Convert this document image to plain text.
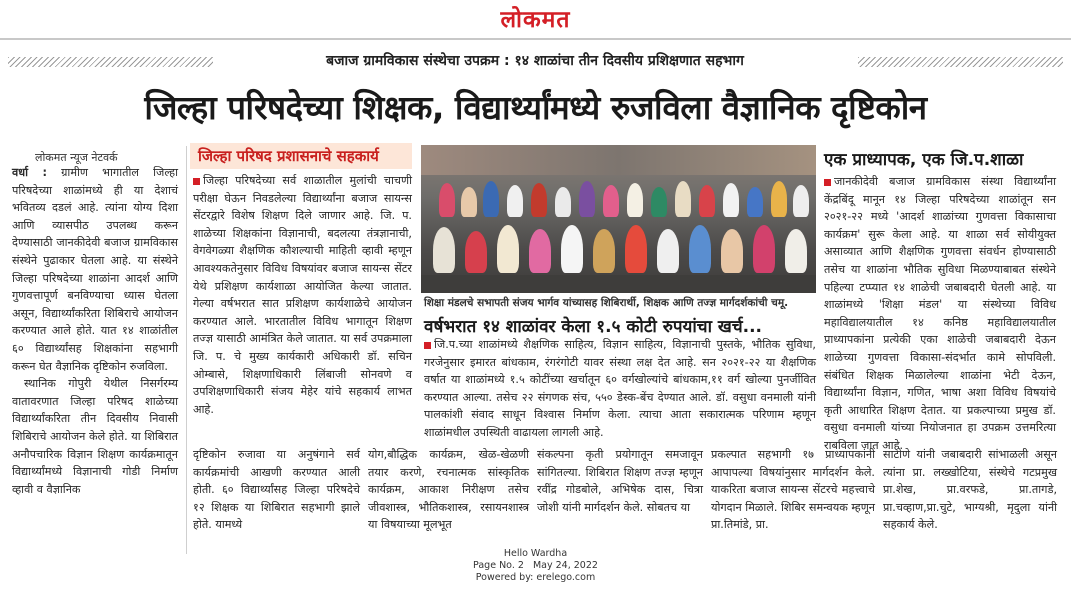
लोकमत
बजाज ग्रामविकास संस्थेचा उपक्रम : १४ शाळांचा तीन दिवसीय प्रशिक्षणात सहभाग
जिल्हा परिषदेच्या शिक्षक, विद्यार्थ्यांमध्ये रुजविला वैज्ञानिक दृष्टिकोन
लोकमत न्यूज नेटवर्क
वर्धा : ग्रामीण भागातील जिल्हा परिषदेच्या शाळांमध्ये ही या देशाचं भवितव्य दडलं आहे. त्यांना योग्य दिशा आणि व्यासपीठ उपलब्ध करून देण्यासाठी जानकीदेवी बजाज ग्रामविकास संस्थेने पुढाकार घेतला आहे. या संस्थेने जिल्हा परिषदेच्या शाळांना आदर्श आणि गुणवत्तापूर्ण बनविण्याचा ध्यास घेतला असून, विद्यार्थ्यांकरिता शिबिराचे आयोजन करण्यात आले होते. यात १४ शाळांतील ६० विद्यार्थ्यांसह शिक्षकांना सहभागी करून घेत वैज्ञानिक दृष्टिकोन रुजविला.
स्थानिक गोपुरी येथील निसर्गरम्य वातावरणात जिल्हा परिषद शाळेच्या विद्यार्थ्यांकरिता तीन दिवसीय निवासी शिबिराचे आयोजन केले होते. या शिबिरात अनौपचारिक विज्ञान शिक्षण कार्यक्रमातून विद्यार्थ्यांमध्ये विज्ञानाची गोडी निर्माण व्हावी व वैज्ञानिक
जिल्हा परिषद प्रशासनाचे सहकार्य
जिल्हा परिषदेच्या सर्व शाळातील मुलांची चाचणी परीक्षा घेऊन निवडलेल्या विद्यार्थ्यांना बजाज सायन्स सेंटरद्वारे विशेष शिक्षण दिले जाणार आहे. जि. प. शाळेच्या शिक्षकांना विज्ञानाची, बदलत्या तंत्रज्ञानाची, वेगवेगळ्या शैक्षणिक कौशल्याची माहिती व्हावी म्हणून आवश्यकतेनुसार विविध विषयांवर बजाज सायन्स सेंटर येथे प्रशिक्षण कार्यशाळा आयोजित केल्या जातात. गेल्या वर्षभरात सात प्रशिक्षण कार्यशाळेचे आयोजन करण्यात आले. भारतातील विविध भागातून शिक्षण तज्ज्ञ यासाठी आमंत्रित केले जातात. या सर्व उपक्रमाला जि. प. चे मुख्य कार्यकारी अधिकारी डॉ. सचिन ओम्बासे, शिक्षणाधिकारी लिंबाजी सोनवणे व उपशिक्षणाधिकारी संजय मेहेर यांचे सहकार्य लाभत आहे.
शिक्षा मंडलचे सभापती संजय भार्गव यांच्यासह शिबिरार्थी, शिक्षक आणि तज्ज्ञ मार्गदर्शकांची चमू.
वर्षभरात १४ शाळांवर केला १.५ कोटी रुपयांचा खर्च...
जि.प.च्या शाळांमध्ये शैक्षणिक साहित्य, विज्ञान साहित्य, विज्ञानाची पुस्तके, भौतिक सुविधा, गरजेनुसार इमारत बांधकाम, रंगरंगोटी यावर संस्था लक्ष देत आहे. सन २०२१-२२ या शैक्षणिक वर्षात या शाळांमध्ये १.५ कोटींच्या खर्चातून ६० वर्गखोल्यांचे बांधकाम,११ वर्ग खोल्या पुनर्जीवित करण्यात आल्या. तसेच २२ संगणक संच, ५५० डेस्क-बेंच देण्यात आले. डॉ. वसुधा वनमाली यांनी पालकांशी संवाद साधून विश्वास निर्माण केला. त्याचा आता सकारात्मक परिणाम म्हणून शाळांमधील उपस्थिती वाढायला लागली आहे.
एक प्राध्यापक, एक जि.प.शाळा
जानकीदेवी बजाज ग्रामविकास संस्था विद्यार्थ्यांना केंद्रबिंदू मानून १४ जिल्हा परिषदेच्या शाळांतून सन २०२१-२२ मध्ये 'आदर्श शाळांच्या गुणवत्ता विकासाचा कार्यक्रम' सुरू केला आहे. या शाळा सर्व सोयीयुक्त असाव्यात आणि शैक्षणिक गुणवत्ता संवर्धन होण्यासाठी तसेच या शाळांना भौतिक सुविधा मिळण्याबाबत संस्थेने पहिल्या टप्प्यात १४ शाळेची जबाबदारी घेतली आहे. या शाळांमध्ये 'शिक्षा मंडल' या संस्थेच्या विविध महाविद्यालयातील १४ कनिष्ठ महाविद्यालयातील प्राध्यापकांना प्रत्येकी एका शाळेची जबाबदारी देऊन शाळेच्या गुणवत्ता विकासा-संदर्भात कामे सोपविली. संबंधित शिक्षक मिळालेल्या शाळांना भेटी देऊन, विद्यार्थ्यांना विज्ञान, गणित, भाषा अशा विविध विषयांचे कृती आधारित शिक्षण देतात. या प्रकल्पाच्या प्रमुख डॉ. वसुधा वनमाली यांच्या नियोजनात हा उपक्रम उत्तमरित्या राबविला जात आहे.
दृष्टिकोन रुजावा या अनुषंगाने सर्व कार्यक्रमांची आखणी करण्यात आली होती. ६० विद्यार्थ्यांसह जिल्हा परिषदेचे १२ शिक्षक या शिबिरात सहभागी झाले होते. यामध्ये
योग,बौद्धिक कार्यक्रम, खेळ-खेळणी तयार करणे, रचनात्मक सांस्कृतिक कार्यक्रम, आकाश निरीक्षण तसेच जीवशास्त्र, भौतिकशास्त्र, रसायनशास्त्र या विषयाच्या मूलभूत
संकल्पना कृती प्रयोगातून समजावून सांगितल्या. शिबिरात शिक्षण तज्ज्ञ म्हणून रवींद्र गोडबोले, अभिषेक दास, चित्रा जोशी यांनी मार्गदर्शन केले. सोबतच या
प्रकल्पात सहभागी १७ प्राध्यापकांनी आपापल्या विषयांनुसार मार्गदर्शन केले. याकरिता बजाज सायन्स सेंटरचे महत्त्वाचे योगदान मिळाले. शिबिर समन्वयक म्हणून प्रा.तिमांडे, प्रा.
साटोणे यांनी जबाबदारी सांभाळली असून त्यांना प्रा. लख्खोटिया, संस्थेचे गटप्रमुख प्रा.शेख, प्रा.वरफडे, प्रा.तागडे, प्रा.चव्हाण,प्रा.चुटे, भाग्यश्री, मृदुला यांनी सहकार्य केले.
Hello Wardha
Page No. 2   May 24, 2022
Powered by: erelego.com
